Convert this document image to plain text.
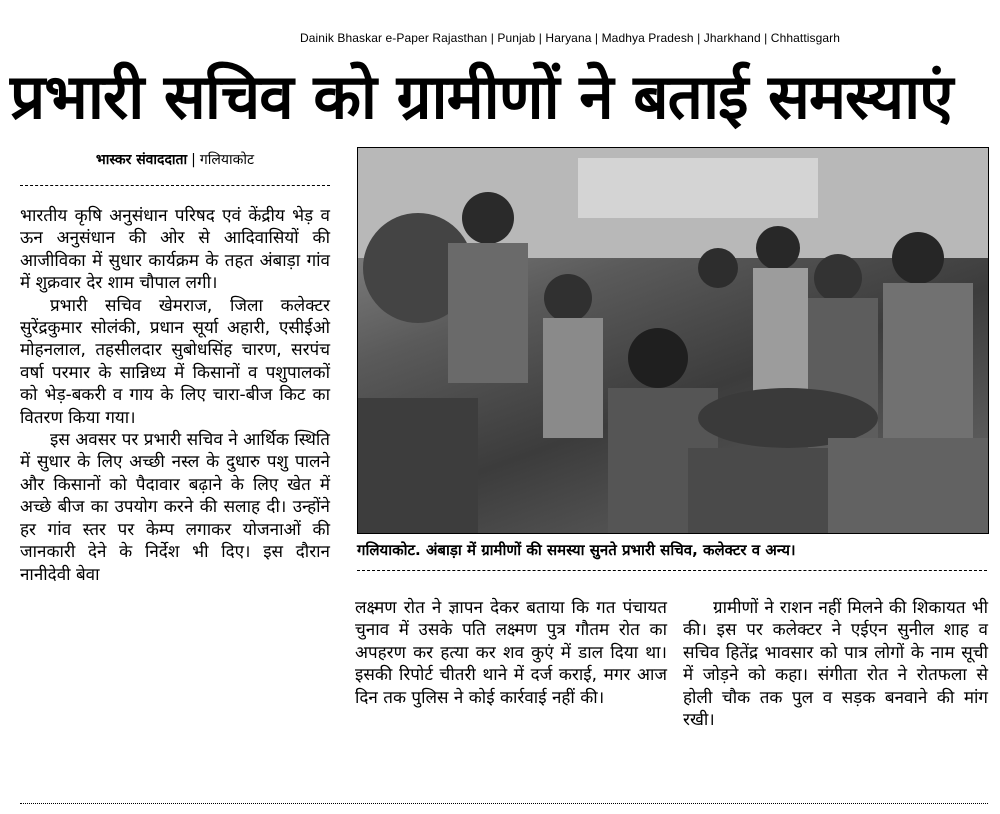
Dainik Bhaskar e-Paper Rajasthan | Punjab | Haryana | Madhya Pradesh | Jharkhand | Chhattisgarh
प्रभारी सचिव को ग्रामीणों ने बताई समस्याएं
भास्कर संवाददाता | गलियाकोट

भारतीय कृषि अनुसंधान परिषद एवं केंद्रीय भेड़ व ऊन अनुसंधान की ओर से आदिवासियों की आजीविका में सुधार कार्यक्रम के तहत अंबाड़ा गांव में शुक्रवार देर शाम चौपाल लगी।

प्रभारी सचिव खेमराज, जिला कलेक्टर सुरेंद्रकुमार सोलंकी, प्रधान सूर्या अहारी, एसीईओ मोहनलाल, तहसीलदार सुबोधसिंह चारण, सरपंच वर्षा परमार के सान्निध्य में किसानों व पशुपालकों को भेड़-बकरी व गाय के लिए चारा-बीज किट का वितरण किया गया।

इस अवसर पर प्रभारी सचिव ने आर्थिक स्थिति में सुधार के लिए अच्छी नस्ल के दुधारु पशु पालने और किसानों को पैदावार बढ़ाने के लिए खेत में अच्छे बीज का उपयोग करने की सलाह दी। उन्होंने हर गांव स्तर पर केम्प लगाकर योजनाओं की जानकारी देने के निर्देश भी दिए। इस दौरान नानीदेवी बेवा

गलियाकोट. अंबाड़ा में ग्रामीणों की समस्या सुनते प्रभारी सचिव, कलेक्टर व अन्य।

लक्ष्मण रोत ने ज्ञापन देकर बताया कि गत पंचायत चुनाव में उसके पति लक्ष्मण पुत्र गौतम रोत का अपहरण कर हत्या कर शव कुएं में डाल दिया था। इसकी रिपोर्ट चीतरी थाने में दर्ज कराई, मगर आज दिन तक पुलिस ने कोई कार्रवाई नहीं की।

ग्रामीणों ने राशन नहीं मिलने की शिकायत भी की। इस पर कलेक्टर ने एईएन सुनील शाह व सचिव हितेंद्र भावसार को पात्र लोगों के नाम सूची में जोड़ने को कहा। संगीता रोत ने रोतफला से होली चौक तक पुल व सड़क बनवाने की मांग रखी।
